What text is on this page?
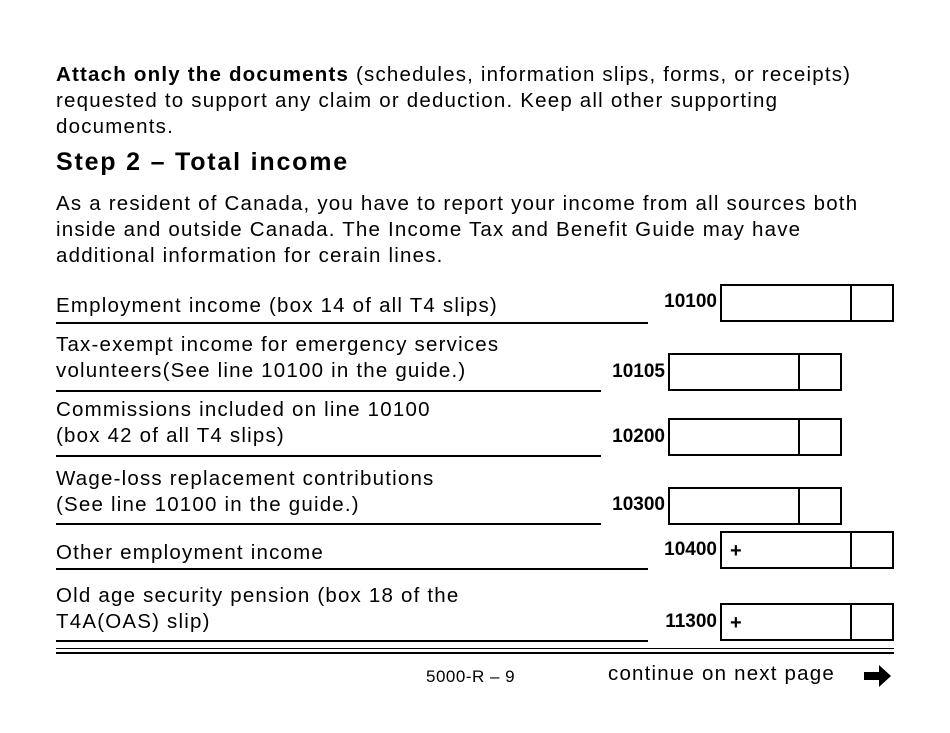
Attach only the documents (schedules, information slips, forms, or receipts) requested to support any claim or deduction. Keep all other supporting documents.
Step 2 – Total income
As a resident of Canada, you have to report your income from all sources both inside and outside Canada. The Income Tax and Benefit Guide may have additional information for cerain lines.
Employment income (box 14 of all T4 slips)	10100
Tax-exempt income for emergency services
volunteers(See line 10100 in the guide.)	10105
Commissions included on line 10100
(box 42 of all T4 slips)	10200
Wage-loss replacement contributions
(See line 10100 in the guide.)	10300
Other employment income	10400 +
Old age security pension (box 18 of the
T4A(OAS) slip)	11300 +
5000-R – 9	continue on next page
